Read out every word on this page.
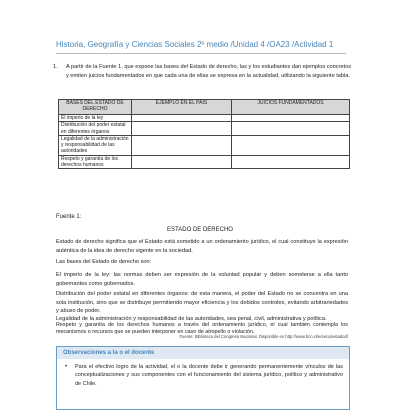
Historia, Geografía y Ciencias Sociales 2º medio /Unidad 4 /OA23 /Actividad 1
1. A partir de la Fuente 1, que expone las bases del Estado de derecho, las y los estudiantes dan ejemplos concretos y emiten juicios fundamentados en que cada una de ellas se expresa en la actualidad, utilizando la siguiente tabla.
BASES DEL ESTADO DE DERECHO	EJEMPLO EN EL PAÍS	JUICIOS FUNDAMENTADOS
El imperio de la ley		
Distribución del poder estatal en diferentes órganos		
Legalidad de la administración y responsabilidad de las autoridades		
Respeto y garantía de los derechos humanos		
Fuente 1:
ESTADO DE DERECHO
Estado de derecho significa que el Estado está sometido a un ordenamiento jurídico, el cual constituye la expresión auténtica de la idea de derecho vigente en la sociedad.
Las bases del Estado de derecho son:
El imperio de la ley: las normas deben ser expresión de la voluntad popular y deben someterse a ella tanto gobernantes como gobernados.
Distribución del poder estatal en diferentes órganos: de esta manera, el poder del Estado no se concentra en una sola institución, sino que se distribuye permitiendo mayor eficiencia y los debidos controles, evitando arbitrariedades y abuso de poder.
Legalidad de la administración y responsabilidad de las autoridades, sea penal, civil, administrativa y política.
Fuente: Biblioteca del Congreso Nacional. Disponible en http://www.bcn.cl/ecivica/estadod/
Observaciones a la o el docente
• Para el efectivo logro de la actividad, el o la docente debe ir generando permanentemente vínculos de las conceptualizaciones y sus componentes con el funcionamiento del sistema jurídico, político y administrativo de Chile.
Respeto y garantía de los derechos humanos a través del ordenamiento jurídico, el cual también contempla los mecanismos o recursos que se pueden interponer en caso de atropello o violación.
